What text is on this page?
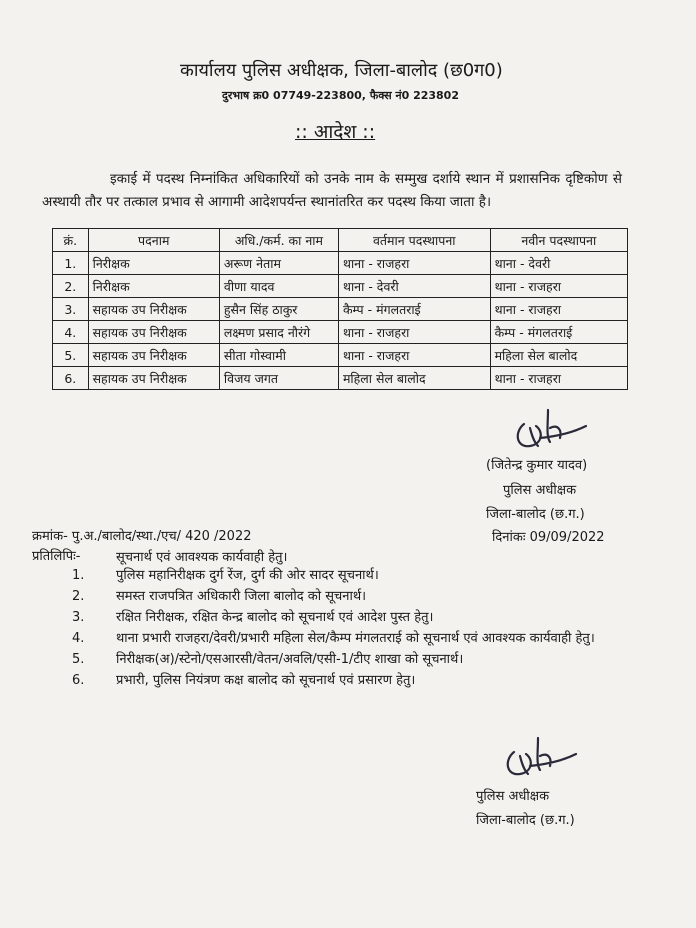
कार्यालय पुलिस अधीक्षक, जिला-बालोद (छ0ग0)
दुरभाष क्र0 07749-223800, फैक्स नं0 223802
:: आदेश ::
इकाई में पदस्थ निम्नांकित अधिकारियों को उनके नाम के सम्मुख दर्शाये स्थान में प्रशासनिक दृष्टिकोण से अस्थायी तौर पर तत्काल प्रभाव से आगामी आदेशपर्यन्त स्थानांतरित कर पदस्थ किया जाता है।
क्रं.	पदनाम	अधि./कर्म. का नाम	वर्तमान पदस्थापना	नवीन पदस्थापना
1.	निरीक्षक	अरूण नेताम	थाना - राजहरा	थाना - देवरी
2.	निरीक्षक	वीणा यादव	थाना - देवरी	थाना - राजहरा
3.	सहायक उप निरीक्षक	हुसैन सिंह ठाकुर	कैम्प - मंगलतराई	थाना - राजहरा
4.	सहायक उप निरीक्षक	लक्ष्मण प्रसाद नौरंगे	थाना - राजहरा	कैम्प - मंगलतराई
5.	सहायक उप निरीक्षक	सीता गोस्वामी	थाना - राजहरा	महिला सेल बालोद
6.	सहायक उप निरीक्षक	विजय जगत	महिला सेल बालोद	थाना - राजहरा
(जितेन्द्र कुमार यादव)
पुलिस अधीक्षक
जिला-बालोद (छ.ग.)
क्रमांक- पु.अ./बालोद/स्था./एच/ 420 /2022	दिनांकः 09/09/2022
प्रतिलिपिः-	सूचनार्थ एवं आवश्यक कार्यवाही हेतु।
1.	पुलिस महानिरीक्षक दुर्ग रेंज, दुर्ग की ओर सादर सूचनार्थ।
2.	समस्त राजपत्रित अधिकारी जिला बालोद को सूचनार्थ।
3.	रक्षित निरीक्षक, रक्षित केन्द्र बालोद को सूचनार्थ एवं आदेश पुस्त हेतु।
4.	थाना प्रभारी राजहरा/देवरी/प्रभारी महिला सेल/कैम्प मंगलतराई को सूचनार्थ एवं आवश्यक कार्यवाही हेतु।
5.	निरीक्षक(अ)/स्टेनो/एसआरसी/वेतन/अवलि/एसी-1/टीए शाखा को सूचनार्थ।
6.	प्रभारी, पुलिस नियंत्रण कक्ष बालोद को सूचनार्थ एवं प्रसारण हेतु।
पुलिस अधीक्षक
जिला-बालोद (छ.ग.)
